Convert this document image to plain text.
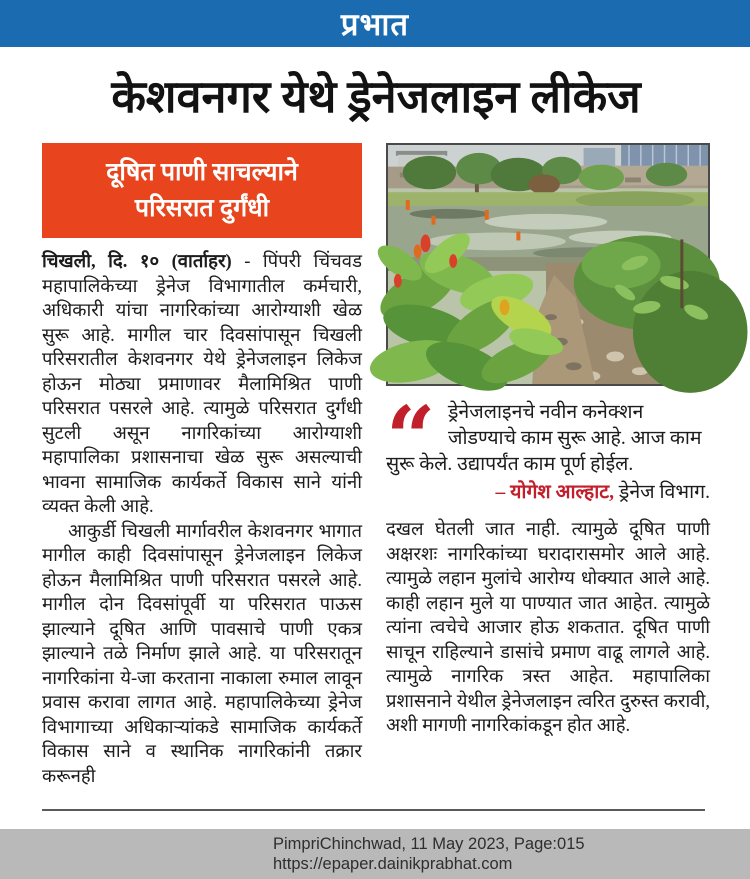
प्रभात
केशवनगर येथे ड्रेनेजलाइन लीकेज
दूषित पाणी साचल्याने
परिसरात दुर्गंधी

चिखली, दि. १० (वार्ताहर) - पिंपरी चिंचवड महापालिकेच्या ड्रेनेज विभागातील कर्मचारी, अधिकारी यांचा नागरिकांच्या आरोग्याशी खेळ सुरू आहे. मागील चार दिवसांपासून चिखली परिसरातील केशवनगर येथे ड्रेनेजलाइन लिकेज होऊन मोठ्या प्रमाणावर मैलामिश्रित पाणी परिसरात पसरले आहे. त्यामुळे परिसरात दुर्गंधी सुटली असून नागरिकांच्या आरोग्याशी महापालिका प्रशासनाचा खेळ सुरू असल्याची भावना सामाजिक कार्यकर्ते विकास साने यांनी व्यक्त केली आहे.

आकुर्डी चिखली मार्गावरील केशवनगर भागात मागील काही दिवसांपासून ड्रेनेजलाइन लिकेज होऊन मैलामिश्रित पाणी परिसरात पसरले आहे. मागील दोन दिवसांपूर्वी या परिसरात पाऊस झाल्याने दूषित आणि पावसाचे पाणी एकत्र झाल्याने तळे निर्माण झाले आहे. या परिसरातून नागरिकांना ये-जा करताना नाकाला रुमाल लावून प्रवास करावा लागत आहे. महापालिकेच्या ड्रेनेज विभागाच्या अधिकाऱ्यांकडे सामाजिक कार्यकर्ते विकास साने व स्थानिक नागरिकांनी तक्रार करूनही

“ ड्रेनेजलाइनचे नवीन कनेक्शन जोडण्याचे काम सुरू आहे. आज काम सुरू केले. उद्यापर्यंत काम पूर्ण होईल.
– योगेश आल्हाट, ड्रेनेज विभाग.

दखल घेतली जात नाही. त्यामुळे दूषित पाणी अक्षरशः नागरिकांच्या घरादारासमोर आले आहे. त्यामुळे लहान मुलांचे आरोग्य धोक्यात आले आहे. काही लहान मुले या पाण्यात जात आहेत. त्यामुळे त्यांना त्वचेचे आजार होऊ शकतात. दूषित पाणी साचून राहिल्याने डासांचे प्रमाण वाढू लागले आहे. त्यामुळे नागरिक त्रस्त आहेत. महापालिका प्रशासनाने येथील ड्रेनेजलाइन त्वरित दुरुस्त करावी, अशी मागणी नागरिकांकडून होत आहे.

PimpriChinchwad, 11 May 2023, Page:015
https://epaper.dainikprabhat.com
